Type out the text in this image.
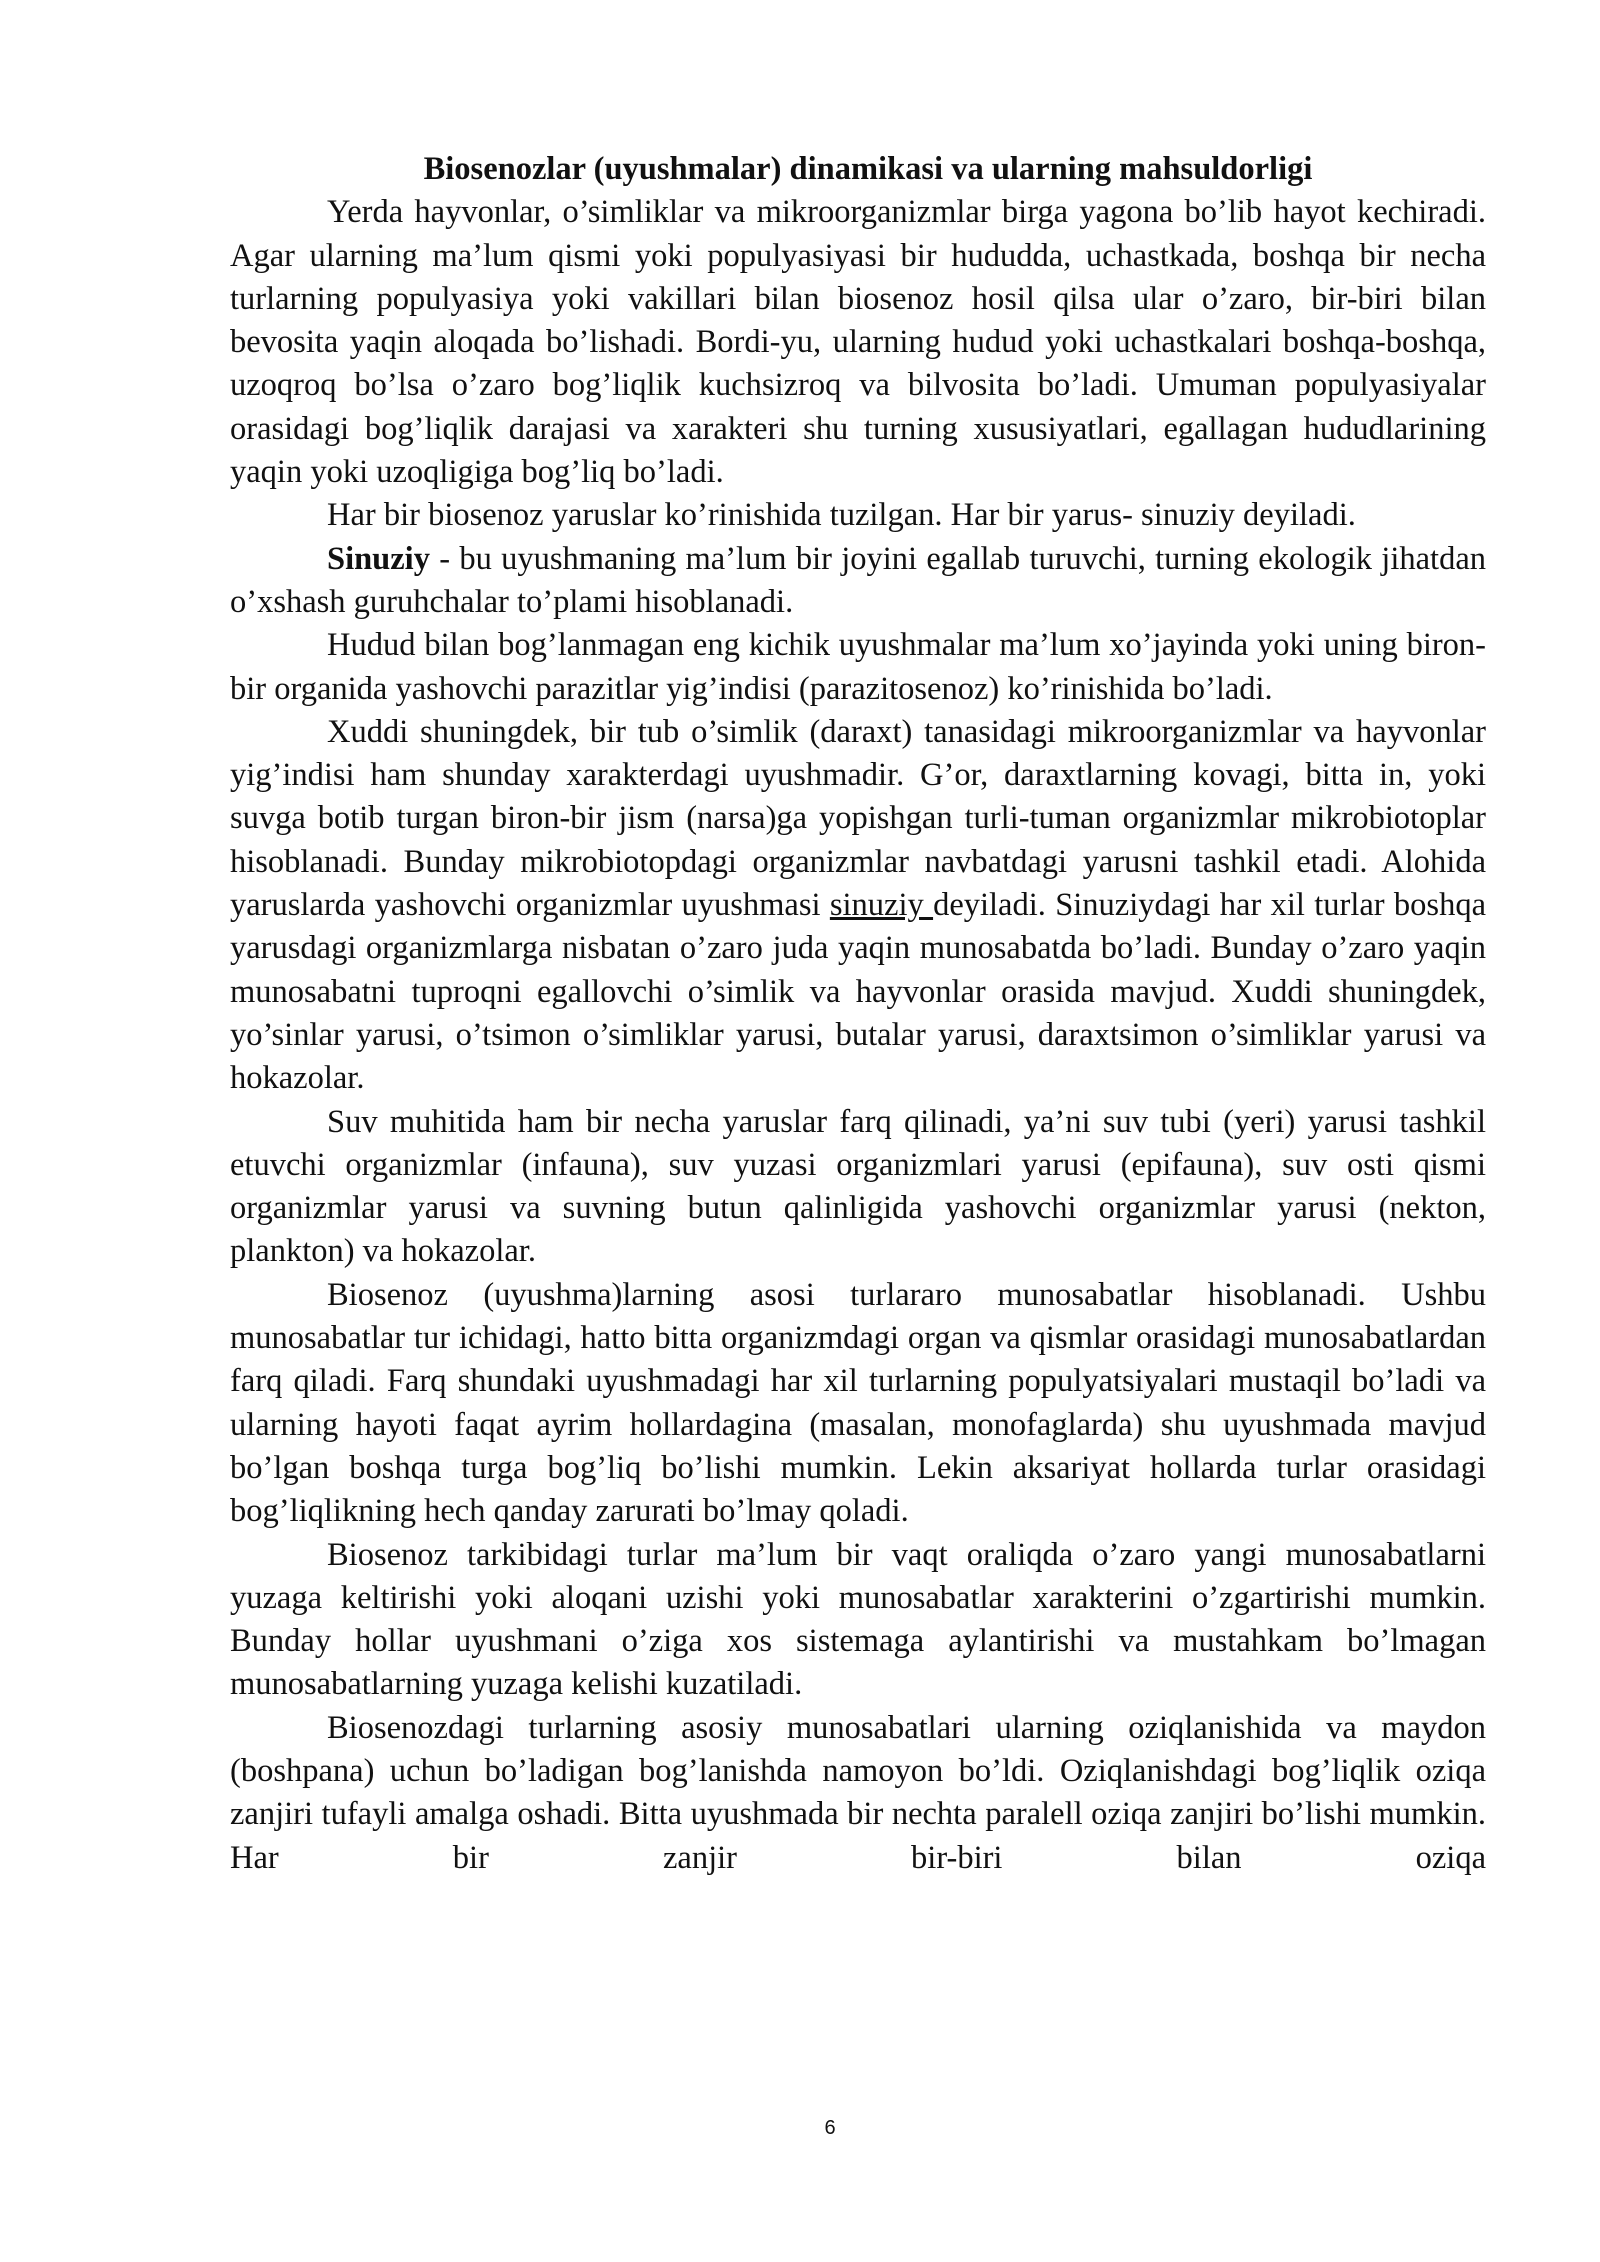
Biosenozlar (uyushmalar) dinamikasi va ularning mahsuldorligi

Yerda hayvonlar, o’simliklar va mikroorganizmlar birga yagona bo’lib hayot kechiradi. Agar ularning ma’lum qismi yoki populyasiyasi bir hududda, uchastkada, boshqa bir necha turlarning populyasiya yoki vakillari bilan biosenoz hosil qilsa ular o’zaro, bir-biri bilan bevosita yaqin aloqada bo’lishadi. Bordi-yu, ularning hudud yoki uchastkalari boshqa-boshqa, uzoqroq bo’lsa o’zaro bog’liqlik kuchsizroq va bilvosita bo’ladi. Umuman populyasiyalar orasidagi bog’liqlik darajasi va xarakteri shu turning xususiyatlari, egallagan hududlarining yaqin yoki uzoqligiga bog’liq bo’ladi.

Har bir biosenoz yaruslar ko’rinishida tuzilgan. Har bir yarus- sinuziy deyiladi.

Sinuziy - bu uyushmaning ma’lum bir joyini egallab turuvchi, turning ekologik jihatdan o’xshash guruhchalar to’plami hisoblanadi.

Hudud bilan bog’lanmagan eng kichik uyushmalar ma’lum xo’jayinda yoki uning biron-bir organida yashovchi parazitlar yig’indisi (parazitosenoz) ko’rinishida bo’ladi.

Xuddi shuningdek, bir tub o’simlik (daraxt) tanasidagi mikroorganizmlar va hayvonlar yig’indisi ham shunday xarakterdagi uyushmadir. G’or, daraxtlarning kovagi, bitta in, yoki suvga botib turgan biron-bir jism (narsa)ga yopishgan turli-tuman organizmlar mikrobiotoplar hisoblanadi. Bunday mikrobiotopdagi organizmlar navbatdagi yarusni tashkil etadi. Alohida yaruslarda yashovchi organizmlar uyushmasi sinuziy deyiladi. Sinuziydagi har xil turlar boshqa yarusdagi organizmlarga nisbatan o’zaro juda yaqin munosabatda bo’ladi. Bunday o’zaro yaqin munosabatni tuproqni egallovchi o’simlik va hayvonlar orasida mavjud. Xuddi shuningdek, yo’sinlar yarusi, o’tsimon o’simliklar yarusi, butalar yarusi, daraxtsimon o’simliklar yarusi va hokazolar.

Suv muhitida ham bir necha yaruslar farq qilinadi, ya’ni suv tubi (yeri) yarusi tashkil etuvchi organizmlar (infauna), suv yuzasi organizmlari yarusi (epifauna), suv osti qismi organizmlar yarusi va suvning butun qalinligida yashovchi organizmlar yarusi (nekton, plankton) va hokazolar.

Biosenoz (uyushma)larning asosi turlararo munosabatlar hisoblanadi. Ushbu munosabatlar tur ichidagi, hatto bitta organizmdagi organ va qismlar orasidagi munosabatlardan farq qiladi. Farq shundaki uyushmadagi har xil turlarning populyatsiyalari mustaqil bo’ladi va ularning hayoti faqat ayrim hollardagina (masalan, monofaglarda) shu uyushmada mavjud bo’lgan boshqa turga bog’liq bo’lishi mumkin. Lekin aksariyat hollarda turlar orasidagi bog’liqlikning hech qanday zarurati bo’lmay qoladi.

Biosenoz tarkibidagi turlar ma’lum bir vaqt oraliqda o’zaro yangi munosabatlarni yuzaga keltirishi yoki aloqani uzishi yoki munosabatlar xarakterini o’zgartirishi mumkin. Bunday hollar uyushmani o’ziga xos sistemaga aylantirishi va mustahkam bo’lmagan munosabatlarning yuzaga kelishi kuzatiladi.

Biosenozdagi turlarning asosiy munosabatlari ularning oziqlanishida va maydon (boshpana) uchun bo’ladigan bog’lanishda namoyon bo’ldi. Oziqlanishdagi bog’liqlik oziqa zanjiri tufayli amalga oshadi. Bitta uyushmada bir nechta paralell oziqa zanjiri bo’lishi mumkin. Har bir zanjir bir-biri bilan oziqa

6
